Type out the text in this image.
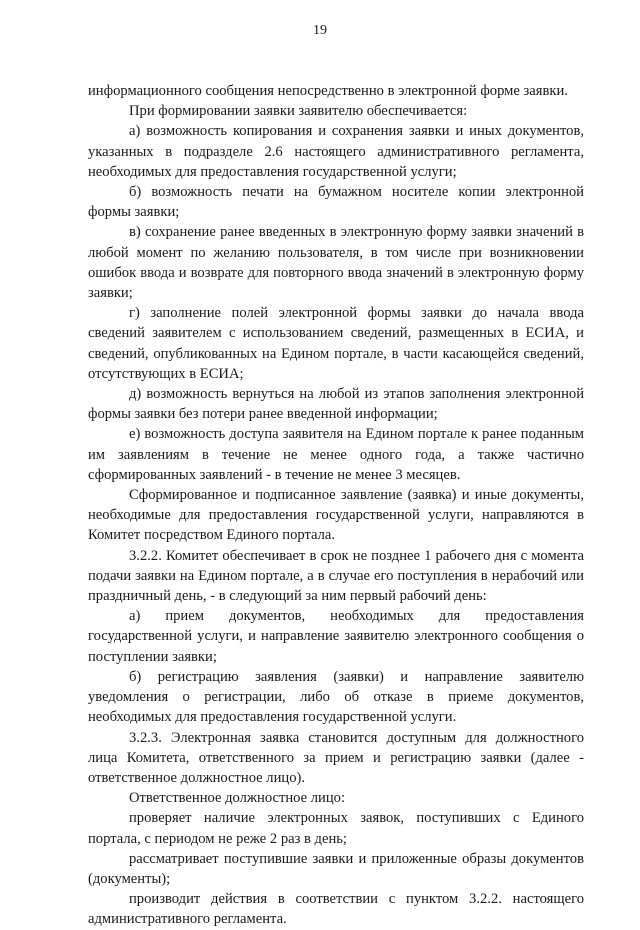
19

информационного сообщения непосредственно в электронной форме заявки.

При формировании заявки заявителю обеспечивается:

а) возможность копирования и сохранения заявки и иных документов, указанных в подразделе 2.6 настоящего административного регламента, необходимых для предоставления государственной услуги;

б) возможность печати на бумажном носителе копии электронной формы заявки;

в) сохранение ранее введенных в электронную форму заявки значений в любой момент по желанию пользователя, в том числе при возникновении ошибок ввода и возврате для повторного ввода значений в электронную форму заявки;

г) заполнение полей электронной формы заявки до начала ввода сведений заявителем с использованием сведений, размещенных в ЕСИА, и сведений, опубликованных на Едином портале, в части касающейся сведений, отсутствующих в ЕСИА;

д) возможность вернуться на любой из этапов заполнения электронной формы заявки без потери ранее введенной информации;

е) возможность доступа заявителя на Едином портале к ранее поданным им заявлениям в течение не менее одного года, а также частично сформированных заявлений - в течение не менее 3 месяцев.

Сформированное и подписанное заявление (заявка) и иные документы, необходимые для предоставления государственной услуги, направляются в Комитет посредством Единого портала.

3.2.2. Комитет обеспечивает в срок не позднее 1 рабочего дня с момента подачи заявки на Едином портале, а в случае его поступления в нерабочий или праздничный день, - в следующий за ним первый рабочий день:

а) прием документов, необходимых для предоставления государственной услуги, и направление заявителю электронного сообщения о поступлении заявки;

б) регистрацию заявления (заявки) и направление заявителю уведомления о регистрации, либо об отказе в приеме документов, необходимых для предоставления государственной услуги.

3.2.3. Электронная заявка становится доступным для должностного лица Комитета, ответственного за прием и регистрацию заявки (далее - ответственное должностное лицо).

Ответственное должностное лицо:

проверяет наличие электронных заявок, поступивших с Единого портала, с периодом не реже 2 раз в день;

рассматривает поступившие заявки и приложенные образы документов (документы);

производит действия в соответствии с пунктом 3.2.2. настоящего административного регламента.
